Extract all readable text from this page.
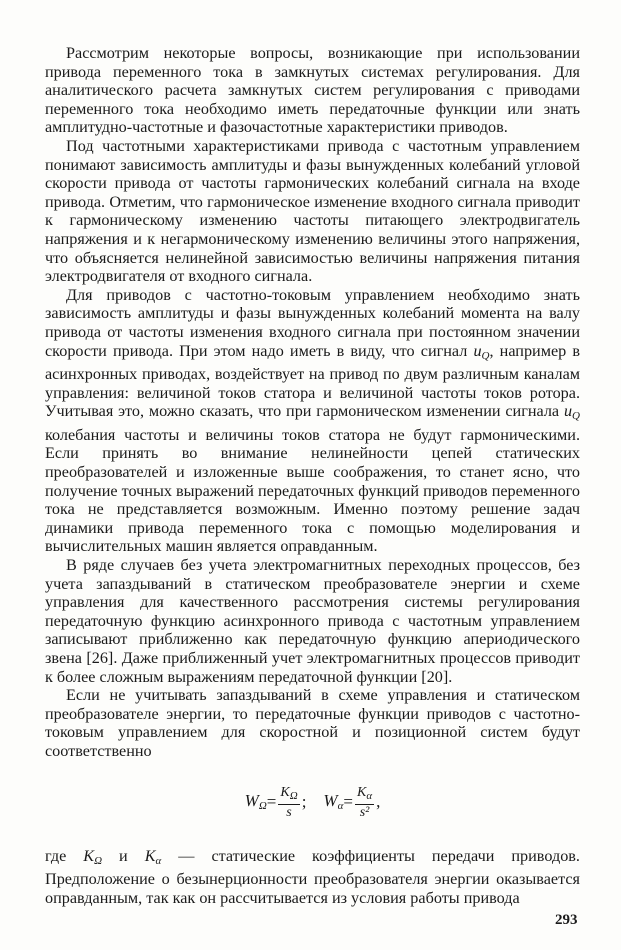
Рассмотрим некоторые вопросы, возникающие при использовании привода переменного тока в замкнутых системах регулирования. Для аналитического расчета замкнутых систем регулирования с приводами переменного тока необходимо иметь передаточные функции или знать амплитудно-частотные и фазочастотные характеристики приводов.

Под частотными характеристиками привода с частотным управлением понимают зависимость амплитуды и фазы вынужденных колебаний угловой скорости привода от частоты гармонических колебаний сигнала на входе привода. Отметим, что гармоническое изменение входного сигнала приводит к гармоническому изменению частоты питающего электродвигатель напряжения и к негармоническому изменению величины этого напряжения, что объясняется нелинейной зависимостью величины напряжения питания электродвигателя от входного сигнала.

Для приводов с частотно-токовым управлением необходимо знать зависимость амплитуды и фазы вынужденных колебаний момента на валу привода от частоты изменения входного сигнала при постоянном значении скорости привода. При этом надо иметь в виду, что сигнал $u_Q$, например в асинхронных приводах, воздействует на привод по двум различным каналам управления: величиной токов статора и величиной частоты токов ротора. Учитывая это, можно сказать, что при гармоническом изменении сигнала $u_Q$ колебания частоты и величины токов статора не будут гармоническими. Если принять во внимание нелинейности цепей статических преобразователей и изложенные выше соображения, то станет ясно, что получение точных выражений передаточных функций приводов переменного тока не представляется возможным. Именно поэтому решение задач динамики привода переменного тока с помощью моделирования и вычислительных машин является оправданным.

В ряде случаев без учета электромагнитных переходных процессов, без учета запаздываний в статическом преобразователе энергии и схеме управления для качественного рассмотрения системы регулирования передаточную функцию асинхронного привода с частотным управлением записывают приближенно как передаточную функцию апериодического звена [26]. Даже приближенный учет электромагнитных процессов приводит к более сложным выражениям передаточной функции [20].

Если не учитывать запаздываний в схеме управления и статическом преобразователе энергии, то передаточные функции приводов с частотно-токовым управлением для скоростной и позиционной систем будут соответственно

$W_\Omega= \frac{K_\Omega}{s}$ ; $W_\alpha= \frac{K_\alpha}{\text{s²}}$ ,

где $K_\Omega$ и $K_\alpha$ — статические коэффициенты передачи приводов. Предположение о безынерционности преобразователя энергии оказывается оправданным, так как он рассчитывается из условия работы привода

293
